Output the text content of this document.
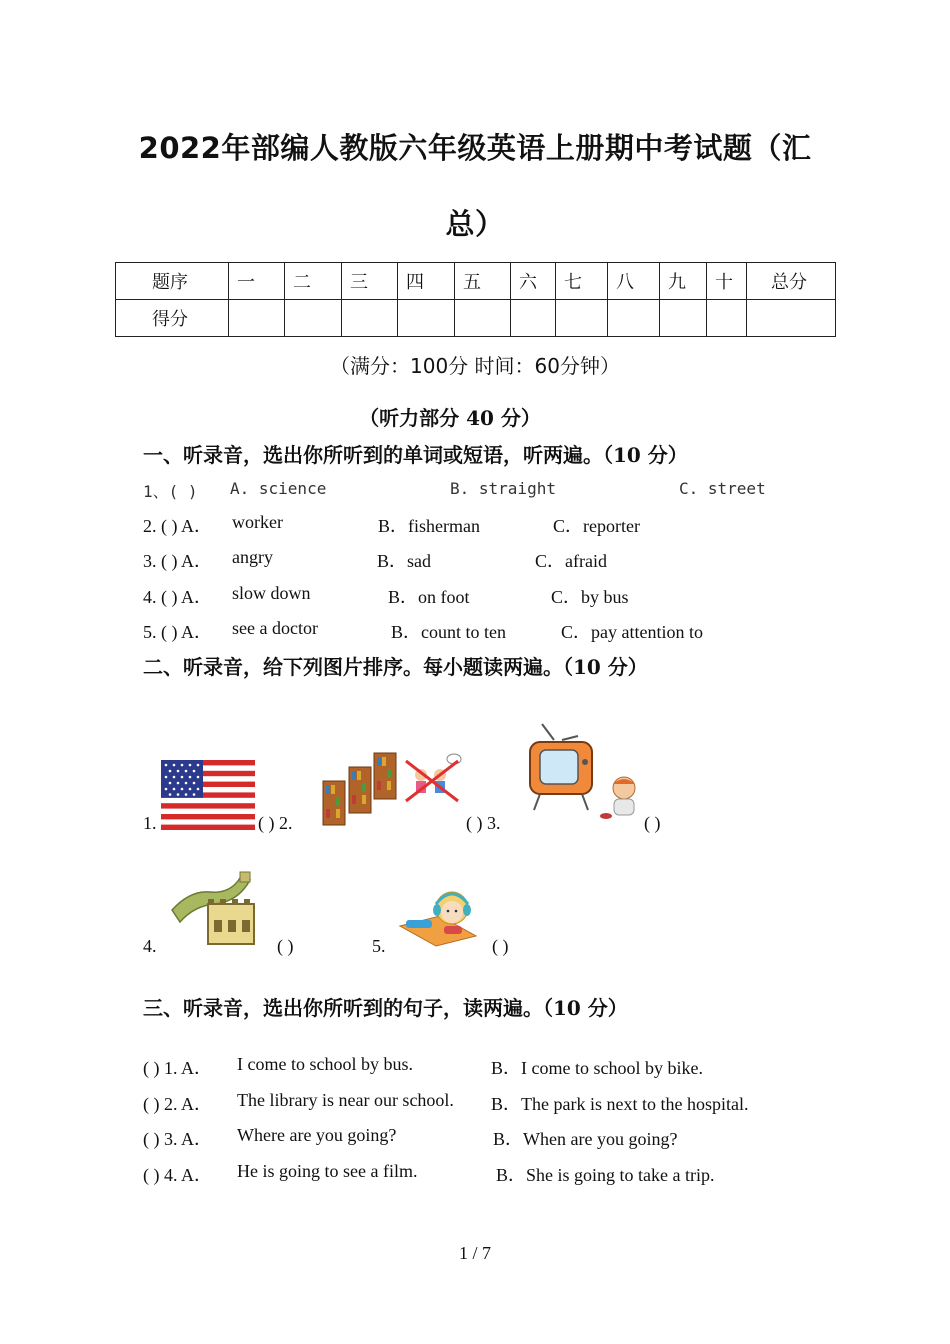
2022年部编人教版六年级英语上册期中考试题（汇
总）
题序	一	二	三	四	五	六	七	八	九	十	总分
得分											
（满分：100分 时间：60分钟）
（听力部分 40 分）
一、听录音，选出你所听到的单词或短语，听两遍。（10 分）
1、( ) A. science	B. straight	C. street
2. ( ) A． worker	B．fisherman	C．reporter
3. ( ) A． angry	B．sad	C．afraid
4. ( ) A． slow down	B．on foot	C．by bus
5. ( ) A． see a doctor	B．count to ten	C．pay attention to
二、听录音，给下列图片排序。每小题读两遍。（10 分）
1.	( ) 2.	( ) 3.	( )
4.	( )	5.	( )
三、听录音，选出你所听到的句子，读两遍。（10 分）
( ) 1. A． I come to school by bus.	B．I come to school by bike.
( ) 2. A． The library is near our school. B．The park is next to the hospital.
( ) 3. A． Where are you going?	B．When are you going?
( ) 4. A． He is going to see a film.	B．She is going to take a trip.
1 / 7
